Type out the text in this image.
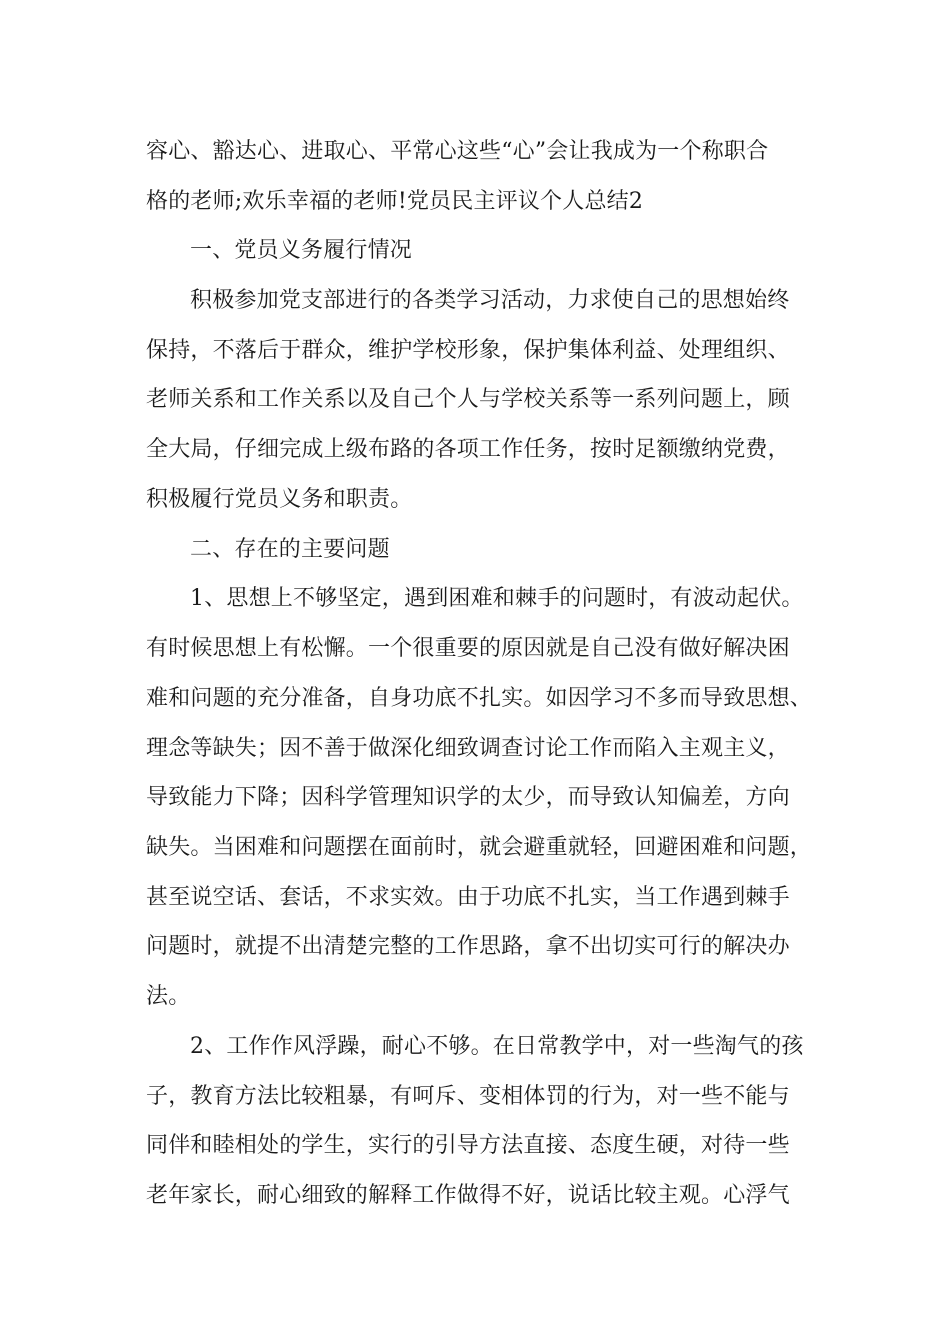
容心、豁达心、进取心、平常心这些“心”会让我成为一个称职合
格的老师;欢乐幸福的老师!党员民主评议个人总结2
一、党员义务履行情况
积极参加党支部进行的各类学习活动，力求使自己的思想始终
保持，不落后于群众，维护学校形象，保护集体利益、处理组织、
老师关系和工作关系以及自己个人与学校关系等一系列问题上，顾
全大局，仔细完成上级布路的各项工作任务，按时足额缴纳党费，
积极履行党员义务和职责。
二、存在的主要问题
1、思想上不够坚定，遇到困难和棘手的问题时，有波动起伏。
有时候思想上有松懈。一个很重要的原因就是自己没有做好解决困
难和问题的充分准备，自身功底不扎实。如因学习不多而导致思想、
理念等缺失；因不善于做深化细致调查讨论工作而陷入主观主义，
导致能力下降；因科学管理知识学的太少，而导致认知偏差，方向
缺失。当困难和问题摆在面前时，就会避重就轻，回避困难和问题，
甚至说空话、套话，不求实效。由于功底不扎实，当工作遇到棘手
问题时，就提不出清楚完整的工作思路，拿不出切实可行的解决办
法。
2、工作作风浮躁，耐心不够。在日常教学中，对一些淘气的孩
子，教育方法比较粗暴，有呵斥、变相体罚的行为，对一些不能与
同伴和睦相处的学生，实行的引导方法直接、态度生硬，对待一些
老年家长，耐心细致的解释工作做得不好，说话比较主观。心浮气
